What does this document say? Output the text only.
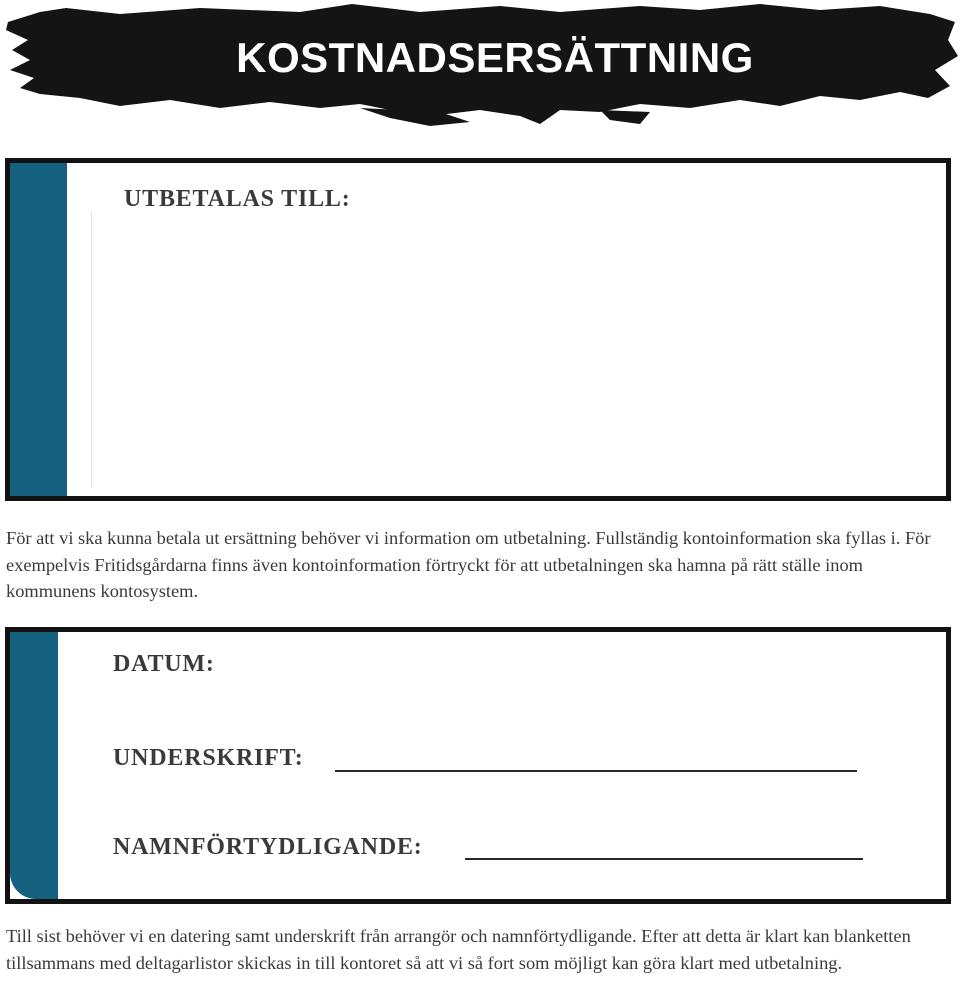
KOSTNADSERSÄTTNING
UTBETALAS TILL:

För att vi ska kunna betala ut ersättning behöver vi information om utbetalning. Fullständig kontoinformation ska fyllas i. För exempelvis Fritidsgårdarna finns även kontoinformation förtryckt för att utbetalningen ska hamna på rätt ställe inom kommunens kontosystem.

DATUM:
UNDERSKRIFT:
NAMNFÖRTYDLIGANDE:

Till sist behöver vi en datering samt underskrift från arrangör och namnförtydligande. Efter att detta är klart kan blanketten tillsammans med deltagarlistor skickas in till kontoret så att vi så fort som möjligt kan göra klart med utbetalning.
